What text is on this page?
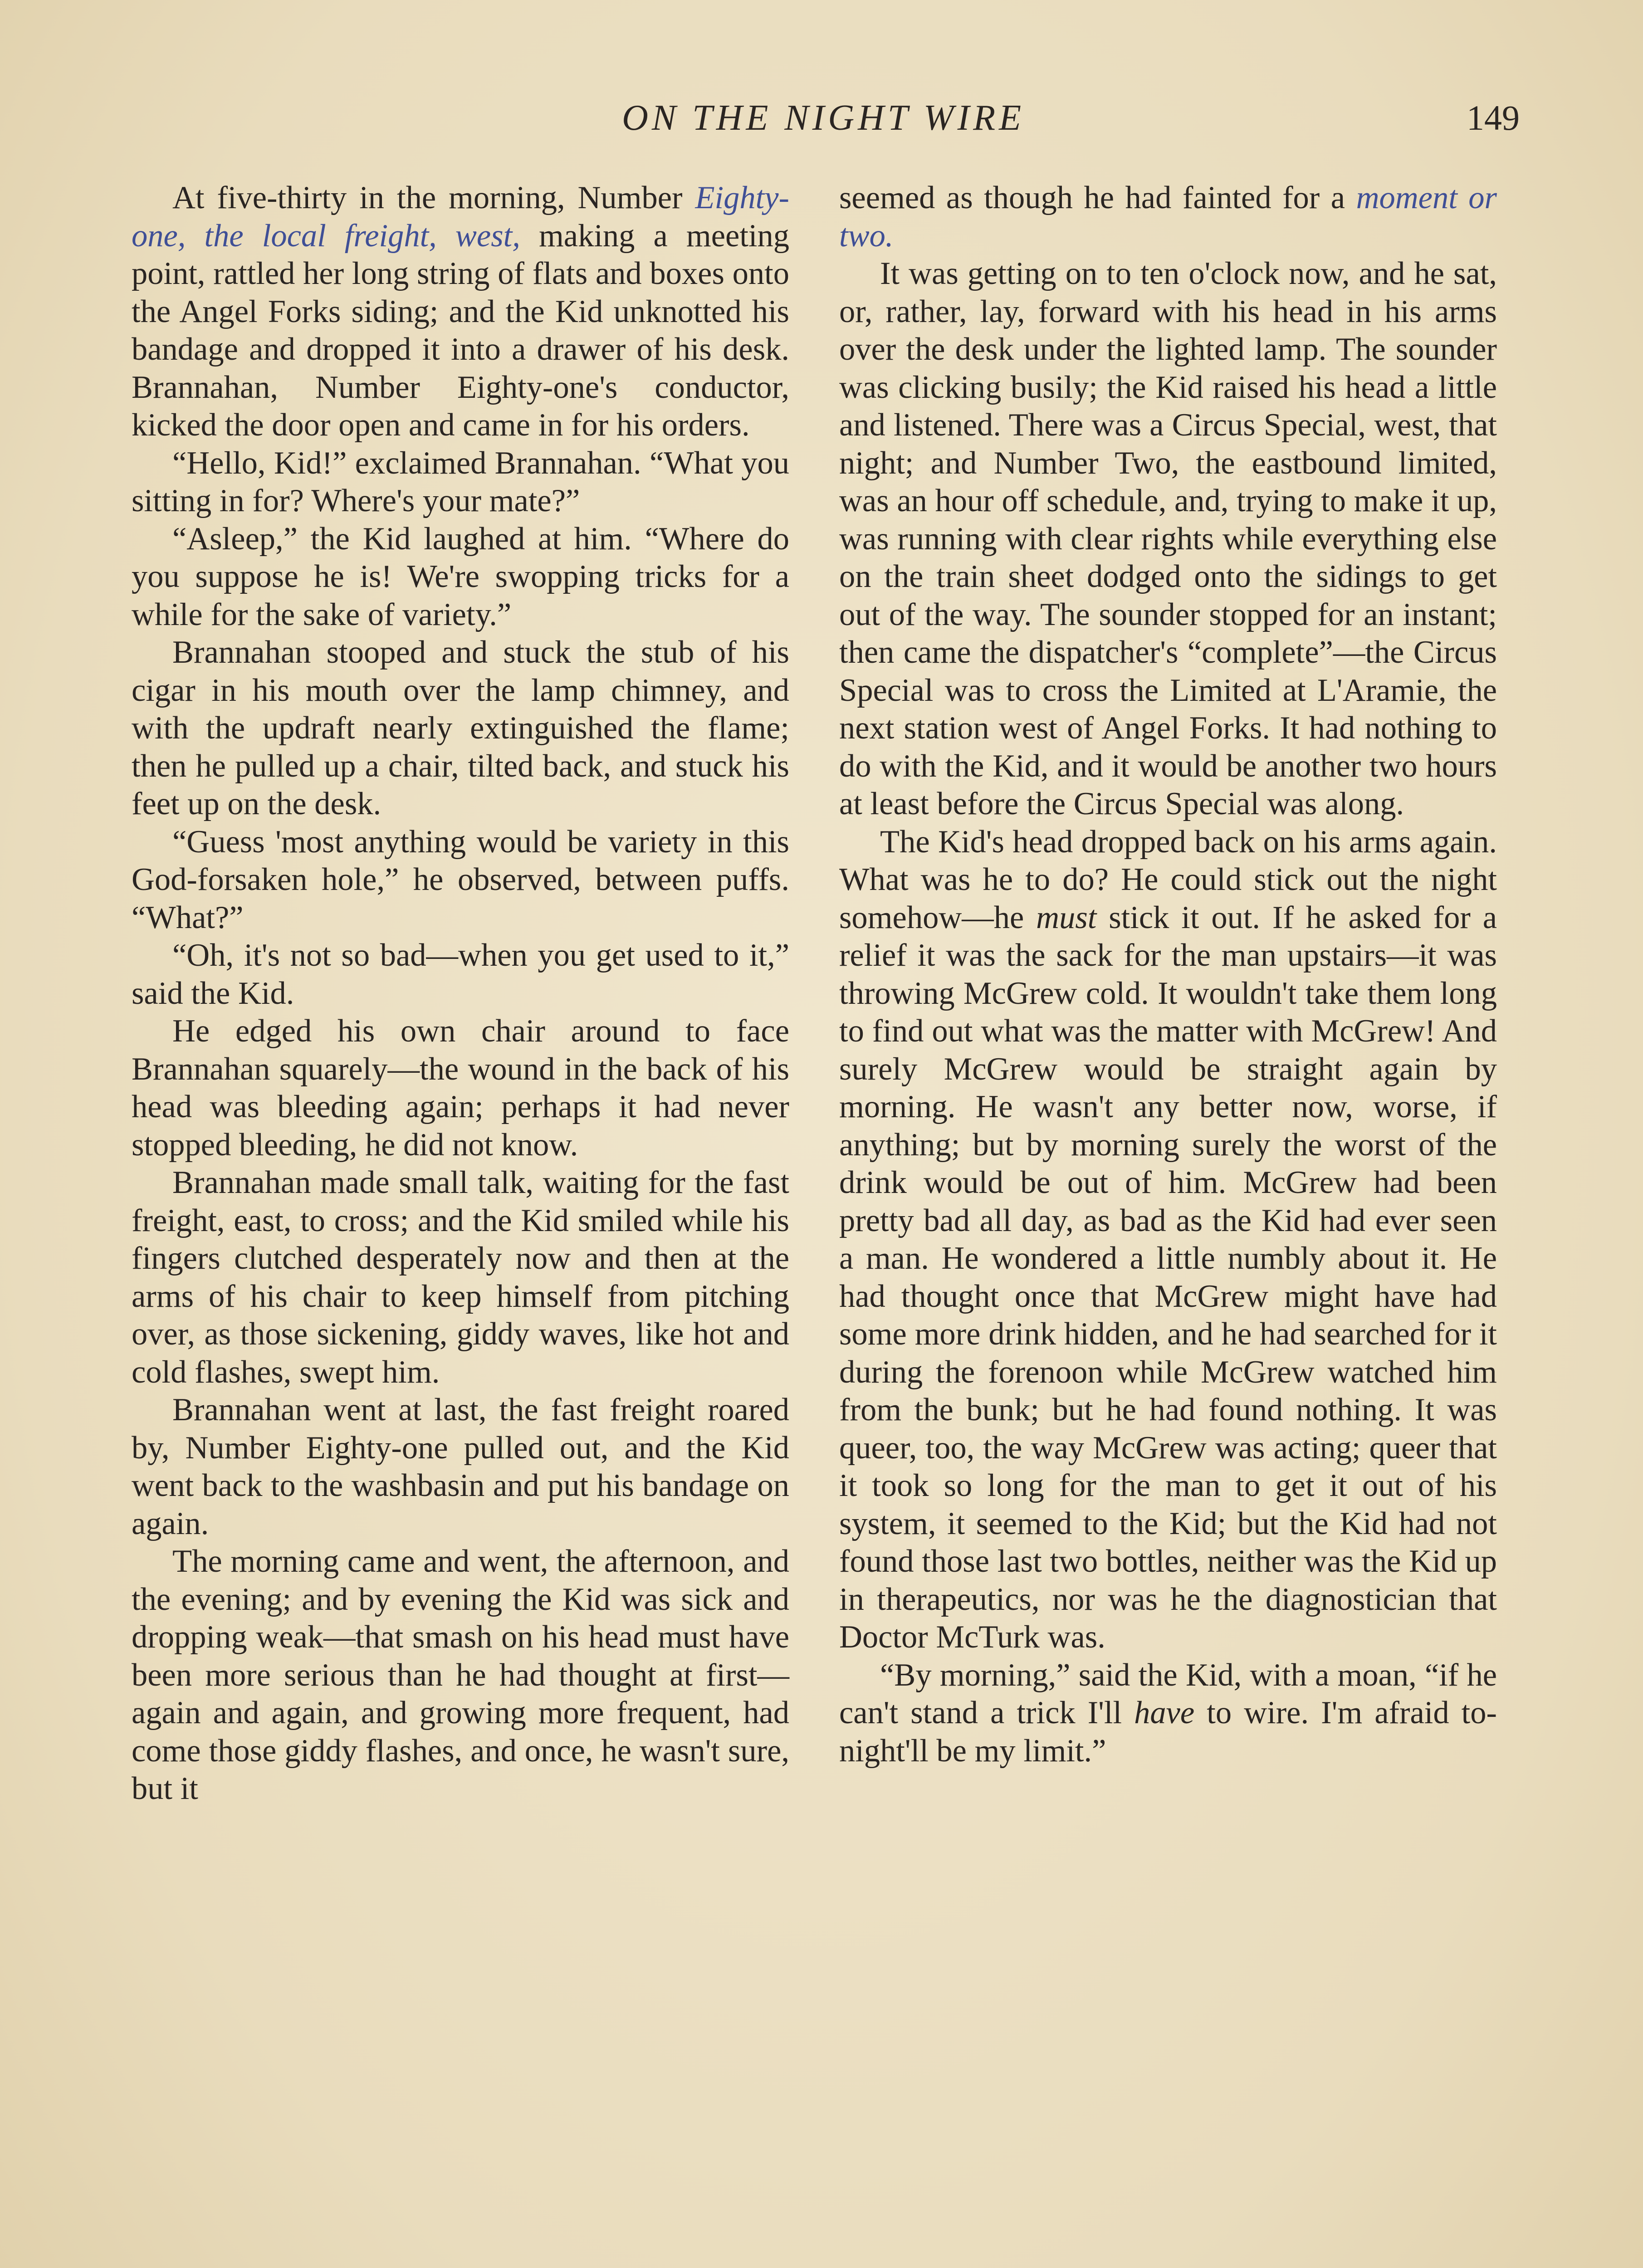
ON THE NIGHT WIRE	149

At five-thirty in the morning, Number Eighty-one, the local freight, west, making a meeting point, rattled her long string of flats and boxes onto the Angel Forks siding; and the Kid unknotted his bandage and dropped it into a drawer of his desk. Brannahan, Number Eighty-one's conductor, kicked the door open and came in for his orders.

“Hello, Kid!” exclaimed Brannahan. “What you sitting in for? Where's your mate?”

“Asleep,” the Kid laughed at him. “Where do you suppose he is! We're swopping tricks for a while for the sake of variety.”

Brannahan stooped and stuck the stub of his cigar in his mouth over the lamp chimney, and with the updraft nearly extinguished the flame; then he pulled up a chair, tilted back, and stuck his feet up on the desk.

“Guess 'most anything would be variety in this God-forsaken hole,” he observed, between puffs. “What?”

“Oh, it's not so bad—when you get used to it,” said the Kid.

He edged his own chair around to face Brannahan squarely—the wound in the back of his head was bleeding again; perhaps it had never stopped bleeding, he did not know.

Brannahan made small talk, waiting for the fast freight, east, to cross; and the Kid smiled while his fingers clutched desperately now and then at the arms of his chair to keep himself from pitching over, as those sickening, giddy waves, like hot and cold flashes, swept him.

Brannahan went at last, the fast freight roared by, Number Eighty-one pulled out, and the Kid went back to the washbasin and put his bandage on again.

The morning came and went, the afternoon, and the evening; and by evening the Kid was sick and dropping weak—that smash on his head must have been more serious than he had thought at first—again and again, and growing more frequent, had come those giddy flashes, and once, he wasn't sure, but it

seemed as though he had fainted for a moment or two.

It was getting on to ten o'clock now, and he sat, or, rather, lay, forward with his head in his arms over the desk under the lighted lamp. The sounder was clicking busily; the Kid raised his head a little and listened. There was a Circus Special, west, that night; and Number Two, the eastbound limited, was an hour off schedule, and, trying to make it up, was running with clear rights while everything else on the train sheet dodged onto the sidings to get out of the way. The sounder stopped for an instant; then came the dispatcher's “complete”—the Circus Special was to cross the Limited at L'Aramie, the next station west of Angel Forks. It had nothing to do with the Kid, and it would be another two hours at least before the Circus Special was along.

The Kid's head dropped back on his arms again. What was he to do? He could stick out the night somehow—he must stick it out. If he asked for a relief it was the sack for the man upstairs—it was throwing McGrew cold. It wouldn't take them long to find out what was the matter with McGrew! And surely McGrew would be straight again by morning. He wasn't any better now, worse, if anything; but by morning surely the worst of the drink would be out of him. McGrew had been pretty bad all day, as bad as the Kid had ever seen a man. He wondered a little numbly about it. He had thought once that McGrew might have had some more drink hidden, and he had searched for it during the forenoon while McGrew watched him from the bunk; but he had found nothing. It was queer, too, the way McGrew was acting; queer that it took so long for the man to get it out of his system, it seemed to the Kid; but the Kid had not found those last two bottles, neither was the Kid up in therapeutics, nor was he the diagnostician that Doctor McTurk was.

“By morning,” said the Kid, with a moan, “if he can't stand a trick I'll have to wire. I'm afraid to-night'll be my limit.”
